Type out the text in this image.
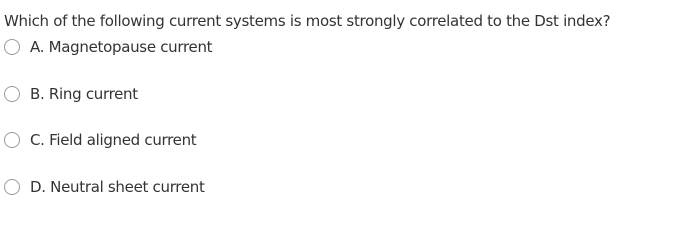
Which of the following current systems is most strongly correlated to the Dst index?
A. Magnetopause current
B. Ring current
C. Field aligned current
D. Neutral sheet current
